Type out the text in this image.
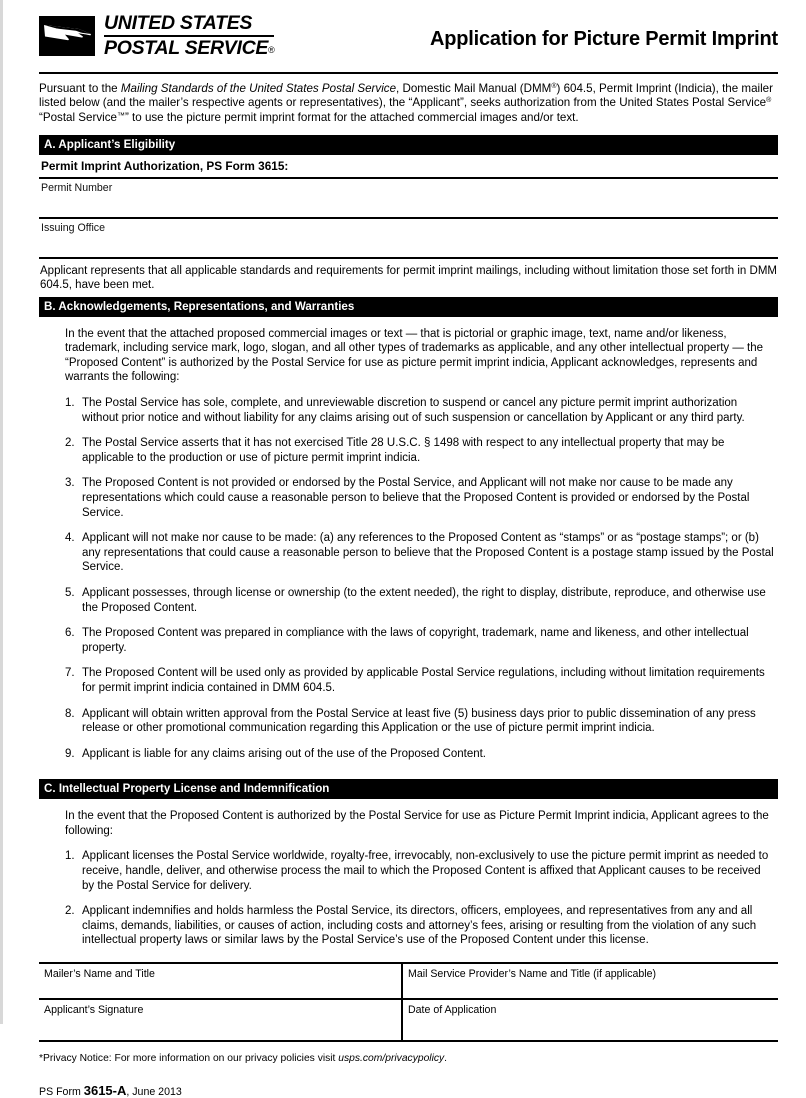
UNITED STATES
POSTAL SERVICE®	Application for Picture Permit Imprint
Pursuant to the Mailing Standards of the United States Postal Service, Domestic Mail Manual (DMM®) 604.5, Permit Imprint (Indicia), the mailer listed below (and the mailer’s respective agents or representatives), the “Applicant”, seeks authorization from the United States Postal Service® “Postal Service™” to use the picture permit imprint format for the attached commercial images and/or text.
A. Applicant’s Eligibility
Permit Imprint Authorization, PS Form 3615:
Permit Number
Issuing Office
Applicant represents that all applicable standards and requirements for permit imprint mailings, including without limitation those set forth in DMM 604.5, have been met.
B. Acknowledgements, Representations, and Warranties

In the event that the attached proposed commercial images or text — that is pictorial or graphic image, text, name and/or likeness, trademark, including service mark, logo, slogan, and all other types of trademarks as applicable, and any other intellectual property — the “Proposed Content” is authorized by the Postal Service for use as picture permit imprint indicia, Applicant acknowledges, represents and warrants the following:

1. The Postal Service has sole, complete, and unreviewable discretion to suspend or cancel any picture permit imprint authorization without prior notice and without liability for any claims arising out of such suspension or cancellation by Applicant or any third party.
2. The Postal Service asserts that it has not exercised Title 28 U.S.C. § 1498 with respect to any intellectual property that may be applicable to the production or use of picture permit imprint indicia.
3. The Proposed Content is not provided or endorsed by the Postal Service, and Applicant will not make nor cause to be made any representations which could cause a reasonable person to believe that the Proposed Content is provided or endorsed by the Postal Service.
4. Applicant will not make nor cause to be made: (a) any references to the Proposed Content as “stamps” or as “postage stamps”; or (b) any representations that could cause a reasonable person to believe that the Proposed Content is a postage stamp issued by the Postal Service.
5. Applicant possesses, through license or ownership (to the extent needed), the right to display, distribute, reproduce, and otherwise use the Proposed Content.
6. The Proposed Content was prepared in compliance with the laws of copyright, trademark, name and likeness, and other intellectual property.
7. The Proposed Content will be used only as provided by applicable Postal Service regulations, including without limitation requirements for permit imprint indicia contained in DMM 604.5.
8. Applicant will obtain written approval from the Postal Service at least five (5) business days prior to public dissemination of any press release or other promotional communication regarding this Application or the use of picture permit imprint indicia.
9. Applicant is liable for any claims arising out of the use of the Proposed Content.
C. Intellectual Property License and Indemnification

In the event that the Proposed Content is authorized by the Postal Service for use as Picture Permit Imprint indicia, Applicant agrees to the following:

1. Applicant licenses the Postal Service worldwide, royalty-free, irrevocably, non-exclusively to use the picture permit imprint as needed to receive, handle, deliver, and otherwise process the mail to which the Proposed Content is affixed that Applicant causes to be received by the Postal Service for delivery.
2. Applicant indemnifies and holds harmless the Postal Service, its directors, officers, employees, and representatives from any and all claims, demands, liabilities, or causes of action, including costs and attorney’s fees, arising or resulting from the violation of any such intellectual property laws or similar laws by the Postal Service’s use of the Proposed Content under this license.
Mailer’s Name and Title	Mail Service Provider’s Name and Title (if applicable)
Applicant’s Signature	Date of Application
*Privacy Notice: For more information on our privacy policies visit usps.com/privacypolicy.
PS Form 3615-A, June 2013
